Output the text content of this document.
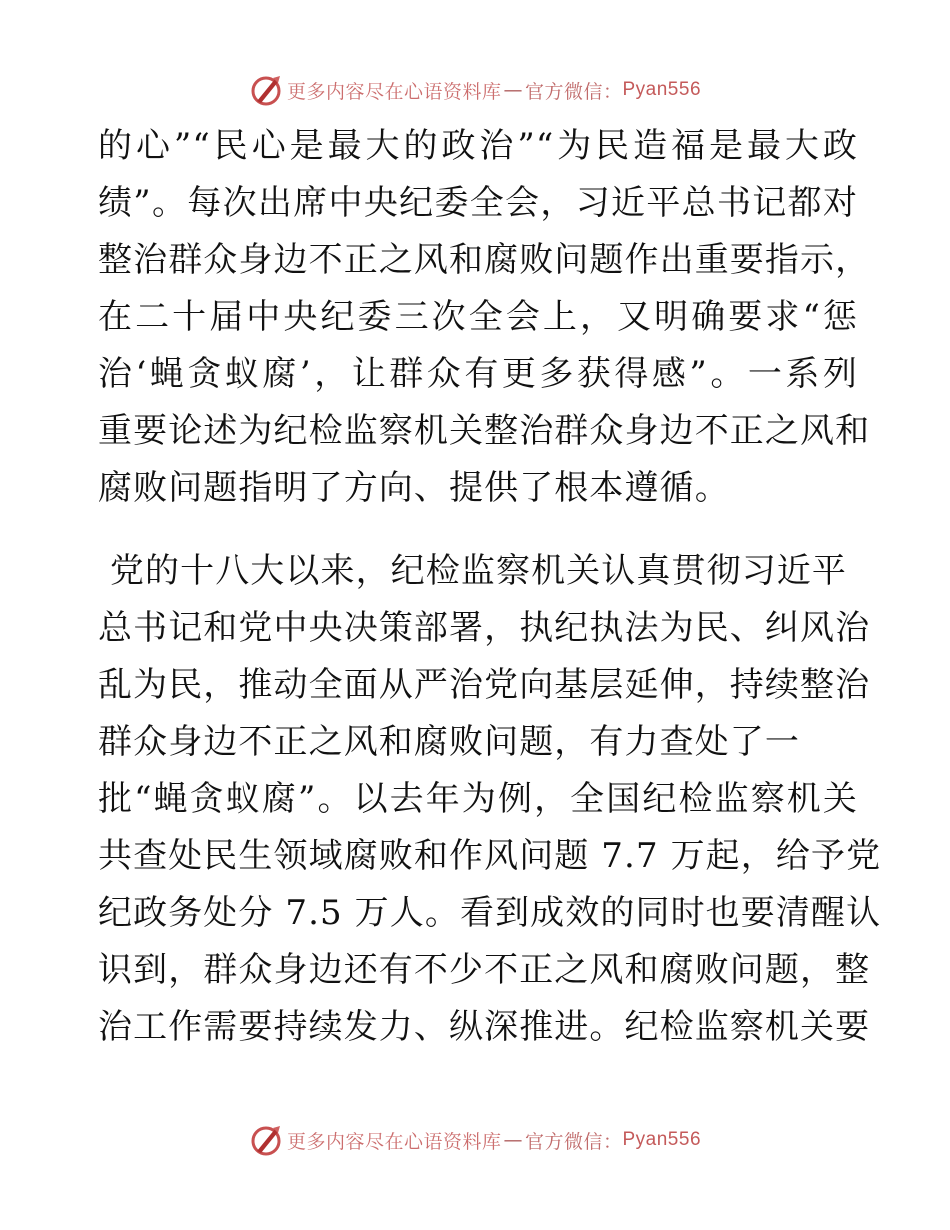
更多内容尽在心语资料库 — 官方微信： Pyan556
的心”“民心是最大的政治”“为民造福是最大政
绩”。每次出席中央纪委全会，习近平总书记都对
整治群众身边不正之风和腐败问题作出重要指示，
在二十届中央纪委三次全会上，又明确要求“惩
治‘蝇贪蚁腐’，让群众有更多获得感”。一系列
重要论述为纪检监察机关整治群众身边不正之风和
腐败问题指明了方向、提供了根本遵循。
党的十八大以来，纪检监察机关认真贯彻习近平
总书记和党中央决策部署，执纪执法为民、纠风治
乱为民，推动全面从严治党向基层延伸，持续整治
群众身边不正之风和腐败问题，有力查处了一
批“蝇贪蚁腐”。以去年为例，全国纪检监察机关
共查处民生领域腐败和作风问题 7.7 万起，给予党
纪政务处分 7.5 万人。看到成效的同时也要清醒认
识到，群众身边还有不少不正之风和腐败问题，整
治工作需要持续发力、纵深推进。纪检监察机关要
更多内容尽在心语资料库 — 官方微信： Pyan556
